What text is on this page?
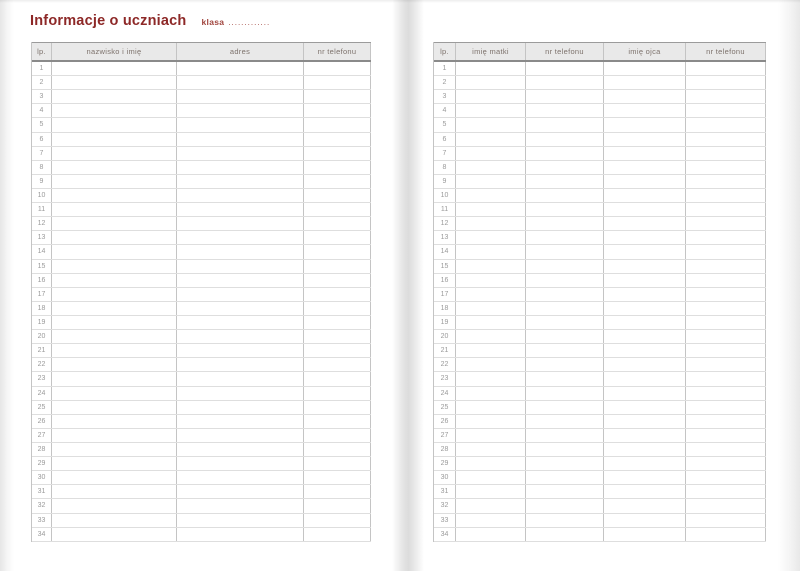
Informacje o uczniach klasa .............
lp.	nazwisko i imię	adres	nr telefonu
1
2
3
4
5
6
7
8
9
10
11
12
13
14
15
16
17
18
19
20
21
22
23
24
25
26
27
28
29
30
31
32
33
34
lp.	imię matki	nr telefonu	imię ojca	nr telefonu
1
2
3
4
5
6
7
8
9
10
11
12
13
14
15
16
17
18
19
20
21
22
23
24
25
26
27
28
29
30
31
32
33
34
